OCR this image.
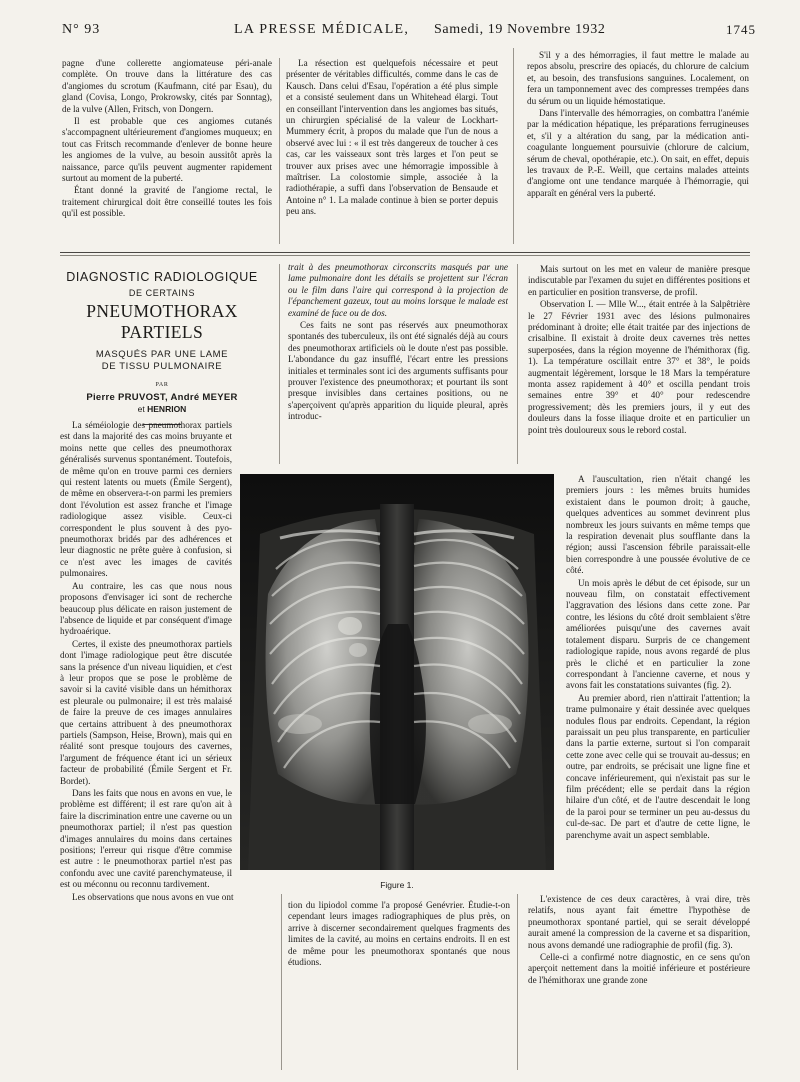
N° 93	LA PRESSE MÉDICALE, Samedi, 19 Novembre 1932	1745

pagne d'une collerette angiomateuse péri-anale complète. On trouve dans la littérature des cas d'angiomes du scrotum (Kaufmann, cité par Esau), du gland (Covisa, Longo, Prokrowsky, cités par Sonntag), de la vulve (Allen, Fritsch, von Dongern.

Il est probable que ces angiomes cutanés s'accompagnent ultérieurement d'angiomes muqueux; en tout cas Fritsch recommande d'enlever de bonne heure les angiomes de la vulve, au besoin aussitôt après la naissance, parce qu'ils peuvent augmenter rapidement surtout au moment de la puberté.

Étant donné la gravité de l'angiome rectal, le traitement chirurgical doit être conseillé toutes les fois qu'il est possible.

La résection est quelquefois nécessaire et peut présenter de véritables difficultés, comme dans le cas de Kausch. Dans celui d'Esau, l'opération a été plus simple et a consisté seulement dans un Whitehead élargi. Tout en conseillant l'intervention dans les angiomes bas situés, un chirurgien spécialisé de la valeur de Lockhart-Mummery écrit, à propos du malade que l'un de nous a observé avec lui : « il est très dangereux de toucher à ces cas, car les vaisseaux sont très larges et l'on peut se trouver aux prises avec une hémorragie impossible à maîtriser. La colostomie simple, associée à la radiothérapie, a suffi dans l'observation de Bensaude et Antoine n° 1. La malade continue à bien se porter depuis peu ans.

S'il y a des hémorragies, il faut mettre le malade au repos absolu, prescrire des opiacés, du chlorure de calcium et, au besoin, des transfusions sanguines. Localement, on fera un tamponnement avec des compresses trempées dans du sérum ou un liquide hémostatique.

Dans l'intervalle des hémorragies, on combattra l'anémie par la médication hépatique, les préparations ferrugineuses et, s'il y a altération du sang, par la médication anti-coagulante longuement poursuivie (chlorure de calcium, sérum de cheval, opothérapie, etc.). On sait, en effet, depuis les travaux de P.-E. Weill, que certains malades atteints d'angiome ont une tendance marquée à l'hémorragie, qui apparaît en général vers la puberté.

DIAGNOSTIC RADIOLOGIQUE
DE CERTAINS
PNEUMOTHORAX PARTIELS
MASQUÉS PAR UNE LAME
DE TISSU PULMONAIRE
PAR
Pierre PRUVOST, André MEYER
et HENRION

La séméiologie des pneumothorax partiels est dans la majorité des cas moins bruyante et moins nette que celles des pneumothorax généralisés survenus spontanément. Toutefois, de même qu'on en trouve parmi ces derniers qui restent latents ou muets (Émile Sergent), de même en observera-t-on parmi les premiers dont l'évolution est assez franche et l'image radiologique assez visible. Ceux-ci correspondent le plus souvent à des pyo-pneumothorax bridés par des adhérences et leur diagnostic ne prête guère à confusion, si ce n'est avec les images de cavités pulmonaires.

Au contraire, les cas que nous nous proposons d'envisager ici sont de recherche beaucoup plus délicate en raison justement de l'absence de liquide et par conséquent d'image hydroaérique.

Certes, il existe des pneumothorax partiels dont l'image radiologique peut être discutée sans la présence d'un niveau liquidien, et c'est à leur propos que se pose le problème de savoir si la cavité visible dans un hémithorax est pleurale ou pulmonaire; il est très malaisé de faire la preuve de ces images annulaires que certains attribuent à des pneumothorax partiels (Sampson, Heise, Brown), mais qui en réalité sont presque toujours des cavernes, l'argument de fréquence étant ici un sérieux facteur de probabilité (Émile Sergent et Fr. Bordet).

Dans les faits que nous en avons en vue, le problème est différent; il est rare qu'on ait à faire la discrimination entre une caverne ou un pneumothorax partiel; il n'est pas question d'images annulaires du moins dans certaines positions; l'erreur qui risque d'être commise est autre : le pneumothorax partiel n'est pas confondu avec une cavité parenchymateuse, il est ou méconnu ou reconnu tardivement.

Les observations que nous avons en vue ont

trait à des pneumothorax circonscrits masqués par une lame pulmonaire dont les détails se projettent sur l'écran ou le film dans l'aire qui correspond à la projection de l'épanchement gazeux, tout au moins lorsque le malade est examiné de face ou de dos.

Ces faits ne sont pas réservés aux pneumothorax spontanés des tuberculeux, ils ont été signalés déjà au cours des pneumothorax artificiels où le doute n'est pas possible. L'abondance du gaz insufflé, l'écart entre les pressions initiales et terminales sont ici des arguments suffisants pour prouver l'existence des pneumothorax; et pourtant ils sont presque invisibles dans certaines positions, ou ne s'aperçoivent qu'après apparition du liquide pleural, après introduc-

Mais surtout on les met en valeur de manière presque indiscutable par l'examen du sujet en différentes positions et en particulier en position transverse, de profil.

Observation I. — Mlle W..., était entrée à la Salpêtrière le 27 Février 1931 avec des lésions pulmonaires prédominant à droite; elle était traitée par des injections de crisalbine. Il existait à droite deux cavernes très nettes superposées, dans la région moyenne de l'hémithorax (fig. 1). La température oscillait entre 37° et 38°, le poids augmentait légèrement, lorsque le 18 Mars la température monta assez rapidement à 40° et oscilla pendant trois semaines entre 39° et 40° pour redescendre progressivement; dès les premiers jours, il y eut des douleurs dans la fosse iliaque droite et en particulier un point très douloureux sous le rebord costal.

Figure 1.

A l'auscultation, rien n'était changé les premiers jours : les mêmes bruits humides existaient dans le poumon droit; à gauche, quelques adventices au sommet devinrent plus nombreux les jours suivants en même temps que la respiration devenait plus soufflante dans la région; aussi l'ascension fébrile paraissait-elle bien correspondre à une poussée évolutive de ce côté.

Un mois après le début de cet épisode, sur un nouveau film, on constatait effectivement l'aggravation des lésions dans cette zone. Par contre, les lésions du côté droit semblaient s'être améliorées puisqu'une des cavernes avait totalement disparu. Surpris de ce changement radiologique rapide, nous avons regardé de plus près le cliché et en particulier la zone correspondant à l'ancienne caverne, et nous y avons fait les constatations suivantes (fig. 2).

Au premier abord, rien n'attirait l'attention; la trame pulmonaire y était dessinée avec quelques nodules flous par endroits. Cependant, la région paraissait un peu plus transparente, en particulier dans la partie externe, surtout si l'on comparait cette zone avec celle qui se trouvait au-dessus; en outre, par endroits, se précisait une ligne fine et concave inférieurement, qui n'existait pas sur le film précédent; elle se perdait dans la région hilaire d'un côté, et de l'autre descendait le long de la paroi pour se terminer un peu au-dessus du cul-de-sac. De part et d'autre de cette ligne, le parenchyme avait un aspect semblable.

tion du lipiodol comme l'a proposé Genévrier. Étudie-t-on cependant leurs images radiographiques de plus près, on arrive à discerner secondairement quelques fragments des limites de la cavité, au moins en certains endroits. Il en est de même pour les pneumothorax spontanés que nous étudions.

L'existence de ces deux caractères, à vrai dire, très relatifs, nous ayant fait émettre l'hypothèse de pneumothorax spontané partiel, qui se serait développé aurait amené la compression de la caverne et sa disparition, nous avons demandé une radiographie de profil (fig. 3).

Celle-ci a confirmé notre diagnostic, en ce sens qu'on aperçoit nettement dans la moitié inférieure et postérieure de l'hémithorax une grande zone
